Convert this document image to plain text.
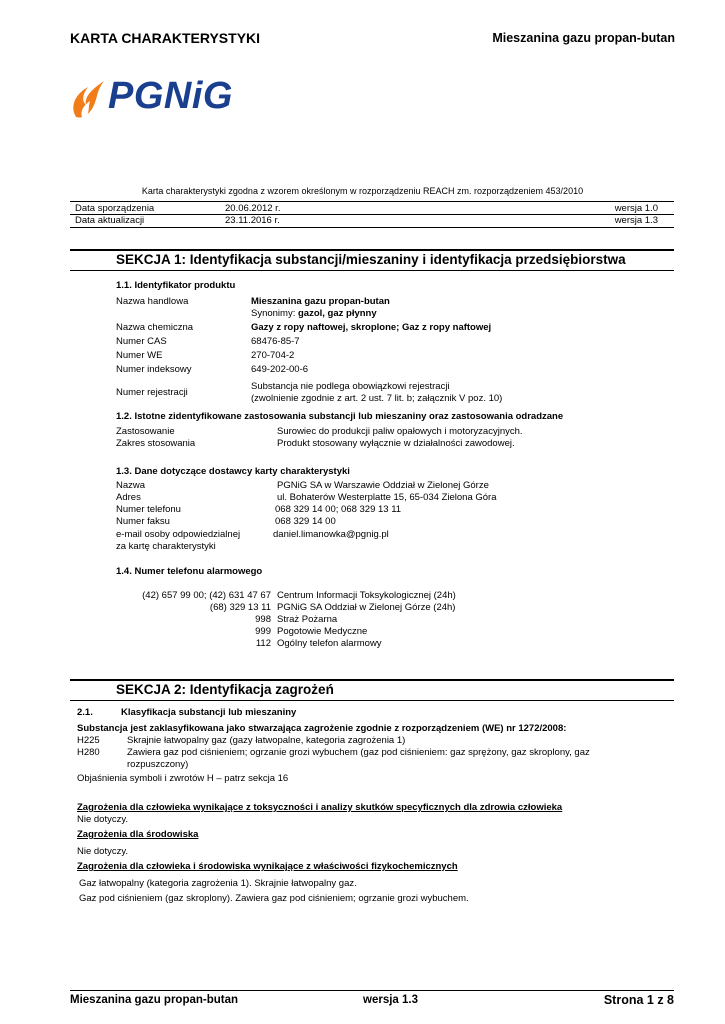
KARTA CHARAKTERYSTYKI	Mieszanina gazu propan-butan
PGNiG
Karta charakterystyki zgodna z wzorem określonym w rozporządzeniu REACH zm. rozporządzeniem 453/2010
Data sporządzenia	20.06.2012 r.	wersja 1.0
Data aktualizacji	23.11.2016 r.	wersja 1.3
SEKCJA 1: Identyfikacja substancji/mieszaniny i identyfikacja przedsiębiorstwa
1.1. Identyfikator produktu
Nazwa handlowa	Mieszanina gazu propan-butan
Synonimy: gazol, gaz płynny
Nazwa chemiczna	Gazy z ropy naftowej, skroplone; Gaz z ropy naftowej
Numer CAS	68476-85-7
Numer WE	270-704-2
Numer indeksowy	649-202-00-6
Numer rejestracji
Substancja nie podlega obowiązkowi rejestracji
(zwolnienie zgodnie z art. 2 ust. 7 lit. b; załącznik V poz. 10)
1.2. Istotne zidentyfikowane zastosowania substancji lub mieszaniny oraz zastosowania odradzane
Zastosowanie	Surowiec do produkcji paliw opałowych i motoryzacyjnych.
Zakres stosowania	Produkt stosowany wyłącznie w działalności zawodowej.
1.3. Dane dotyczące dostawcy karty charakterystyki
Nazwa	PGNiG SA w Warszawie Oddział w Zielonej Górze
Adres	ul. Bohaterów Westerplatte 15, 65-034 Zielona Góra
Numer telefonu	068 329 14 00; 068 329 13 11
Numer faksu	068 329 14 00
e-mail osoby odpowiedzialnej
za kartę charakterystyki
daniel.limanowka@pgnig.pl
1.4. Numer telefonu alarmowego
(42) 657 99 00; (42) 631 47 67 Centrum Informacji Toksykologicznej (24h)
(68) 329 13 11 PGNiG SA Oddział w Zielonej Górze (24h)
998 Straż Pożarna
999 Pogotowie Medyczne
112 Ogólny telefon alarmowy
SEKCJA 2: Identyfikacja zagrożeń
2.1.	Klasyfikacja substancji lub mieszaniny
Substancja jest zaklasyfikowana jako stwarzająca zagrożenie zgodnie z rozporządzeniem (WE) nr 1272/2008:
H225	Skrajnie łatwopalny gaz (gazy łatwopalne, kategoria zagrożenia 1)
H280	Zawiera gaz pod ciśnieniem; ogrzanie grozi wybuchem (gaz pod ciśnieniem: gaz sprężony, gaz skroplony, gaz
rozpuszczony)
Objaśnienia symboli i zwrotów H – patrz sekcja 16
Zagrożenia dla człowieka wynikające z toksyczności i analizy skutków specyficznych dla zdrowia człowieka
Nie dotyczy.
Zagrożenia dla środowiska
Nie dotyczy.
Zagrożenia dla człowieka i środowiska wynikające z właściwości fizykochemicznych
Gaz łatwopalny (kategoria zagrożenia 1). Skrajnie łatwopalny gaz.
Gaz pod ciśnieniem (gaz skroplony). Zawiera gaz pod ciśnieniem; ogrzanie grozi wybuchem.
Mieszanina gazu propan-butan	wersja 1.3	Strona 1 z 8
